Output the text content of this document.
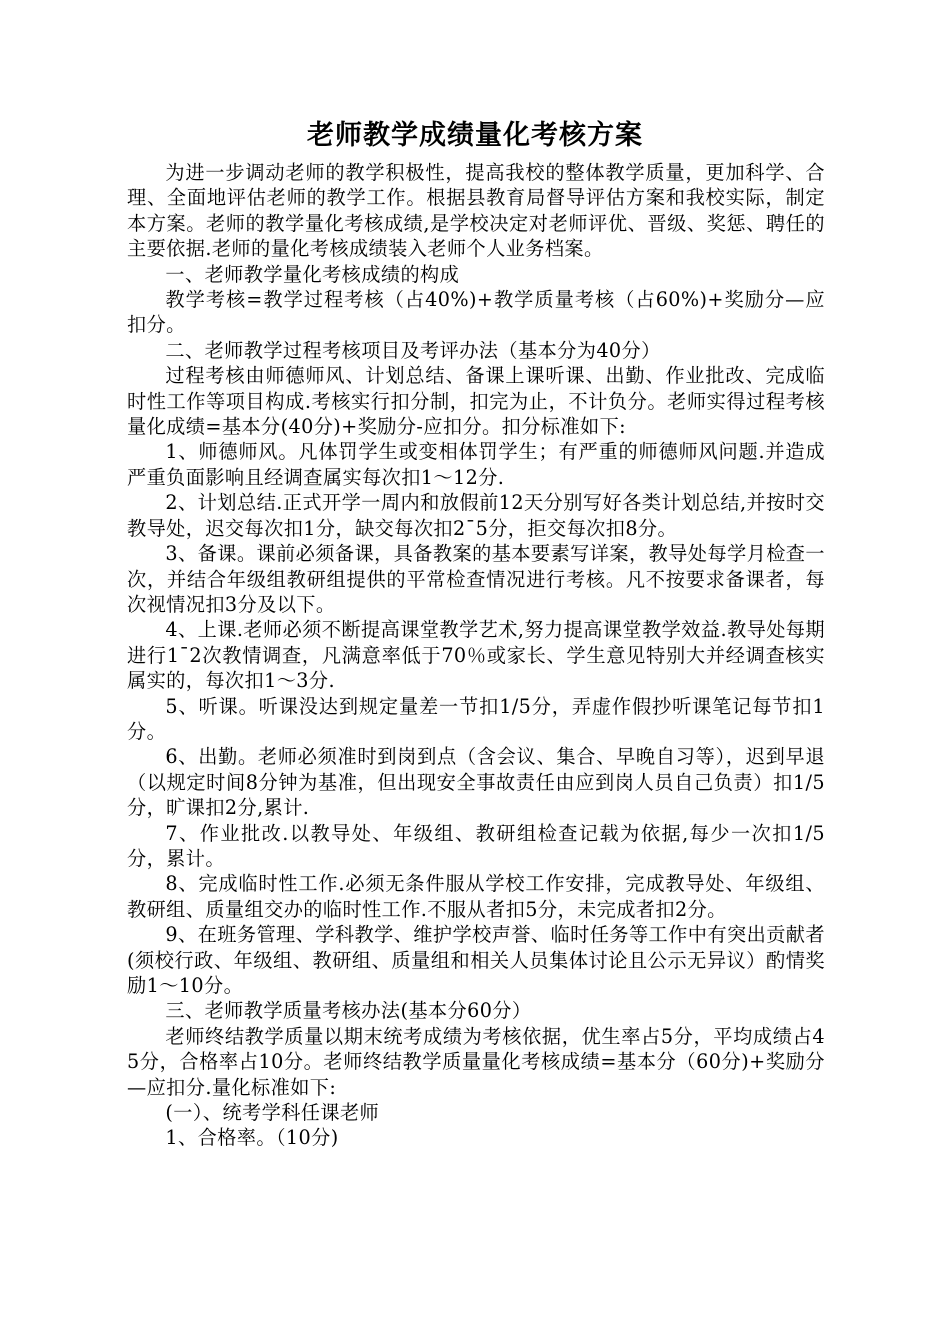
老师教学成绩量化考核方案

为进一步调动老师的教学积极性，提高我校的整体教学质量，更加科学、合理、全面地评估老师的教学工作。根据县教育局督导评估方案和我校实际，制定本方案。老师的教学量化考核成绩,是学校决定对老师评优、晋级、奖惩、聘任的主要依据.老师的量化考核成绩装入老师个人业务档案。

一、老师教学量化考核成绩的构成

教学考核=教学过程考核（占40%)+教学质量考核（占60%)+奖励分—应扣分。

二、老师教学过程考核项目及考评办法（基本分为40分）

过程考核由师德师风、计划总结、备课上课听课、出勤、作业批改、完成临时性工作等项目构成.考核实行扣分制，扣完为止，不计负分。老师实得过程考核量化成绩=基本分(40分)+奖励分-应扣分。扣分标准如下:

1、师德师风。凡体罚学生或变相体罚学生；有严重的师德师风问题.并造成严重负面影响且经调查属实每次扣1～12分.

2、计划总结.正式开学一周内和放假前12天分别写好各类计划总结,并按时交教导处，迟交每次扣1分，缺交每次扣2¯5分，拒交每次扣8分。

3、备课。课前必须备课，具备教案的基本要素写详案，教导处每学月检查一次，并结合年级组教研组提供的平常检查情况进行考核。凡不按要求备课者，每次视情况扣3分及以下。

4、上课.老师必须不断提高课堂教学艺术,努力提高课堂教学效益.教导处每期进行1¯2次教情调查，凡满意率低于70％或家长、学生意见特别大并经调查核实属实的，每次扣1～3分.

5、听课。听课没达到规定量差一节扣1/5分，弄虚作假抄听课笔记每节扣1分。

6、出勤。老师必须准时到岗到点（含会议、集合、早晚自习等），迟到早退（以规定时间8分钟为基准，但出现安全事故责任由应到岗人员自己负责）扣1/5分，旷课扣2分,累计.

7、作业批改.以教导处、年级组、教研组检查记载为依据,每少一次扣1/5分，累计。

8、完成临时性工作.必须无条件服从学校工作安排，完成教导处、年级组、教研组、质量组交办的临时性工作.不服从者扣5分，未完成者扣2分。

9、在班务管理、学科教学、维护学校声誉、临时任务等工作中有突出贡献者(须校行政、年级组、教研组、质量组和相关人员集体讨论且公示无异议）酌情奖励1～10分。

三、老师教学质量考核办法(基本分60分）

老师终结教学质量以期末统考成绩为考核依据，优生率占5分，平均成绩占45分，合格率占10分。老师终结教学质量量化考核成绩=基本分（60分)+奖励分—应扣分.量化标准如下:

(一）、统考学科任课老师

1、合格率。（10分)
